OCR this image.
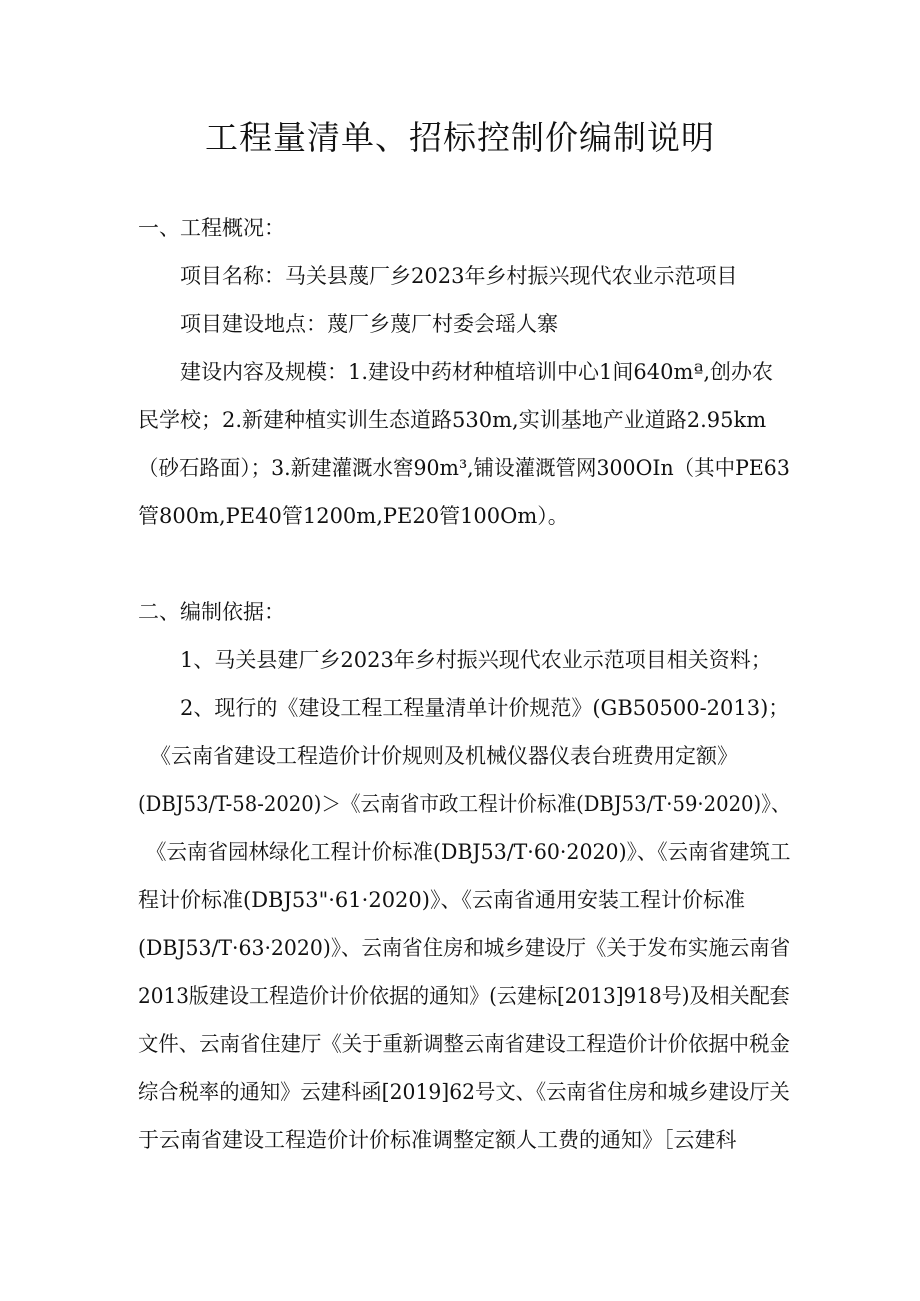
工程量清单、招标控制价编制说明
一、工程概况：
项目名称：马关县蔑厂乡2023年乡村振兴现代农业示范项目
项目建设地点：蔑厂乡蔑厂村委会瑶人寨
建设内容及规模：1.建设中药材种植培训中心1间640mª,创办农
民学校；2.新建种植实训生态道路530m,实训基地产业道路2.95km
（砂石路面）；3.新建灌溉水窖90m³,铺设灌溉管网300OIn（其中PE63
管800m,PE40管1200m,PE20管100Om）。
二、编制依据：
1、马关县建厂乡2023年乡村振兴现代农业示范项目相关资料；
2、现行的《建设工程工程量清单计价规范》(GB50500-2013)；
《云南省建设工程造价计价规则及机械仪器仪表台班费用定额》
(DBJ53∕T-58-2020)＞《云南省市政工程计价标准(DBJ53∕T·59·2020)》、
《云南省园林绿化工程计价标准(DBJ53∕T·60·2020)》、《云南省建筑工
程计价标准(DBJ53"·61·2020)》、《云南省通用安装工程计价标准
(DBJ53∕T·63·2020)》、云南省住房和城乡建设厅《关于发布实施云南省
2013版建设工程造价计价依据的通知》(云建标[2013]918号)及相关配套
文件、云南省住建厅《关于重新调整云南省建设工程造价计价依据中税金
综合税率的通知》云建科函[2019]62号文、《云南省住房和城乡建设厅关
于云南省建设工程造价计价标准调整定额人工费的通知》［云建科
